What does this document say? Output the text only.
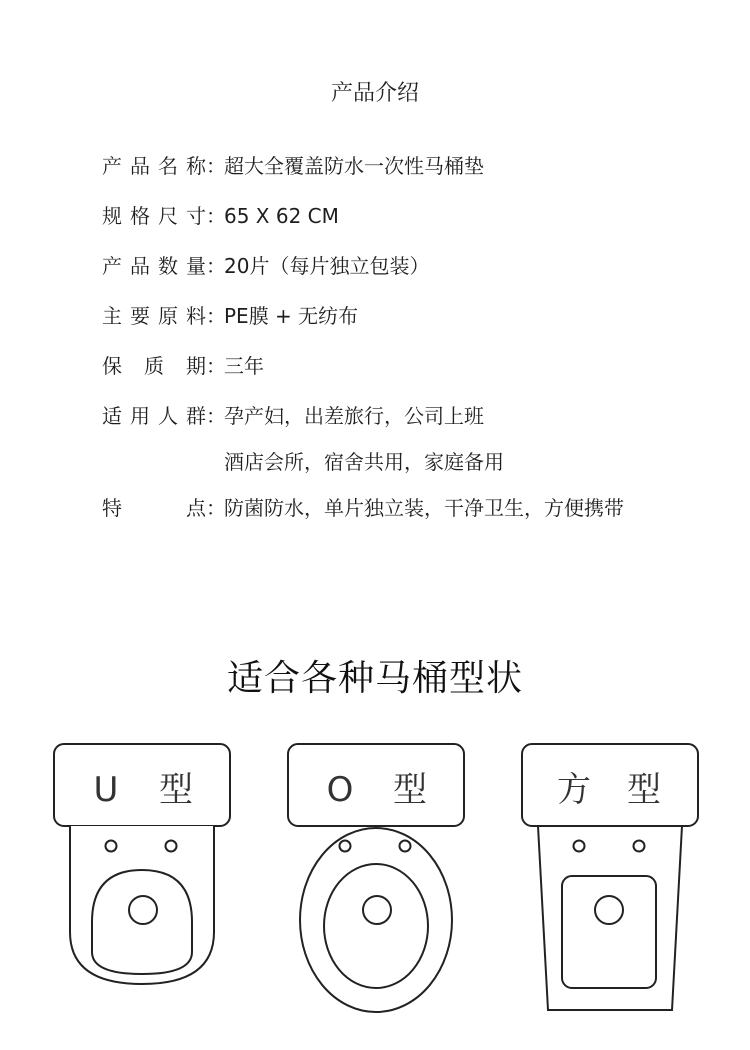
产品介绍
产品名称 ：
超大全覆盖防水一次性马桶垫
规格尺寸 ：
65 X 62 CM
产品数量 ：
20片（每片独立包装）
主要原料 ：
PE膜 + 无纺布
保 质 期 ：
三年
适用人群 ：
孕产妇，出差旅行，公司上班
酒店会所，宿舍共用，家庭备用
特 点 ：
防菌防水，单片独立装，干净卫生，方便携带
适合各种马桶型状
U 型	O 型	方 型
